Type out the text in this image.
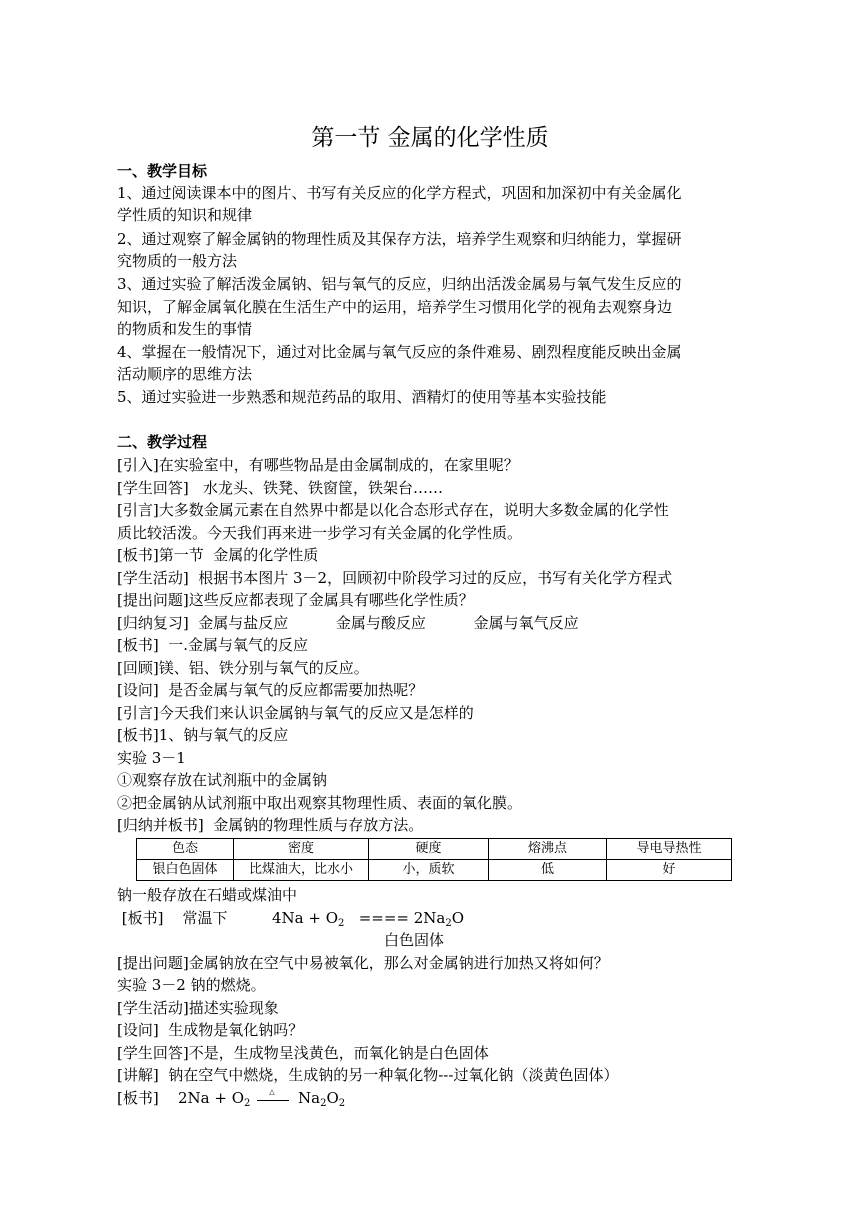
第一节 金属的化学性质
一、教学目标
1、通过阅读课本中的图片、书写有关反应的化学方程式，巩固和加深初中有关金属化
学性质的知识和规律
2、通过观察了解金属钠的物理性质及其保存方法，培养学生观察和归纳能力，掌握研
究物质的一般方法
3、通过实验了解活泼金属钠、铝与氧气的反应，归纳出活泼金属易与氧气发生反应的
知识，了解金属氧化膜在生活生产中的运用，培养学生习惯用化学的视角去观察身边
的物质和发生的事情
4、掌握在一般情况下，通过对比金属与氧气反应的条件难易、剧烈程度能反映出金属
活动顺序的思维方法
5、通过实验进一步熟悉和规范药品的取用、酒精灯的使用等基本实验技能
二、教学过程
[引入]在实验室中，有哪些物品是由金属制成的，在家里呢？
[学生回答]   水龙头、铁凳、铁窗筐，铁架台……
[引言]大多数金属元素在自然界中都是以化合态形式存在，说明大多数金属的化学性
质比较活泼。今天我们再来进一步学习有关金属的化学性质。
[板书]第一节  金属的化学性质
[学生活动]  根据书本图片 3－2，回顾初中阶段学习过的反应，书写有关化学方程式
[提出问题]这些反应都表现了金属具有哪些化学性质？
[归纳复习]  金属与盐反应          金属与酸反应          金属与氧气反应
[板书]  一.金属与氧气的反应
[回顾]镁、铝、铁分别与氧气的反应。
[设问]  是否金属与氧气的反应都需要加热呢？
[引言]今天我们来认识金属钠与氧气的反应又是怎样的
[板书]1、钠与氧气的反应
实验 3－1
①观察存放在试剂瓶中的金属钠
②把金属钠从试剂瓶中取出观察其物理性质、表面的氧化膜。
[归纳并板书]  金属钠的物理性质与存放方法。
色态	密度	硬度	熔沸点	导电导热性
银白色固体	比煤油大，比水小	小，质软	低	好
钠一般存放在石蜡或煤油中
[板书]    常温下	$4Na + O_2$ ==== $2Na_2O$
白色固体
[提出问题]金属钠放在空气中易被氧化，那么对金属钠进行加热又将如何？
实验 3－2 钠的燃烧。
[学生活动]描述实验现象
[设问]  生成物是氧化钠吗？
[学生回答]不是，生成物呈浅黄色，而氧化钠是白色固体
[讲解]  钠在空气中燃烧，生成钠的另一种氧化物---过氧化钠（淡黄色固体）
[板书] $2Na + O_2$
△	$Na_2O_2$
